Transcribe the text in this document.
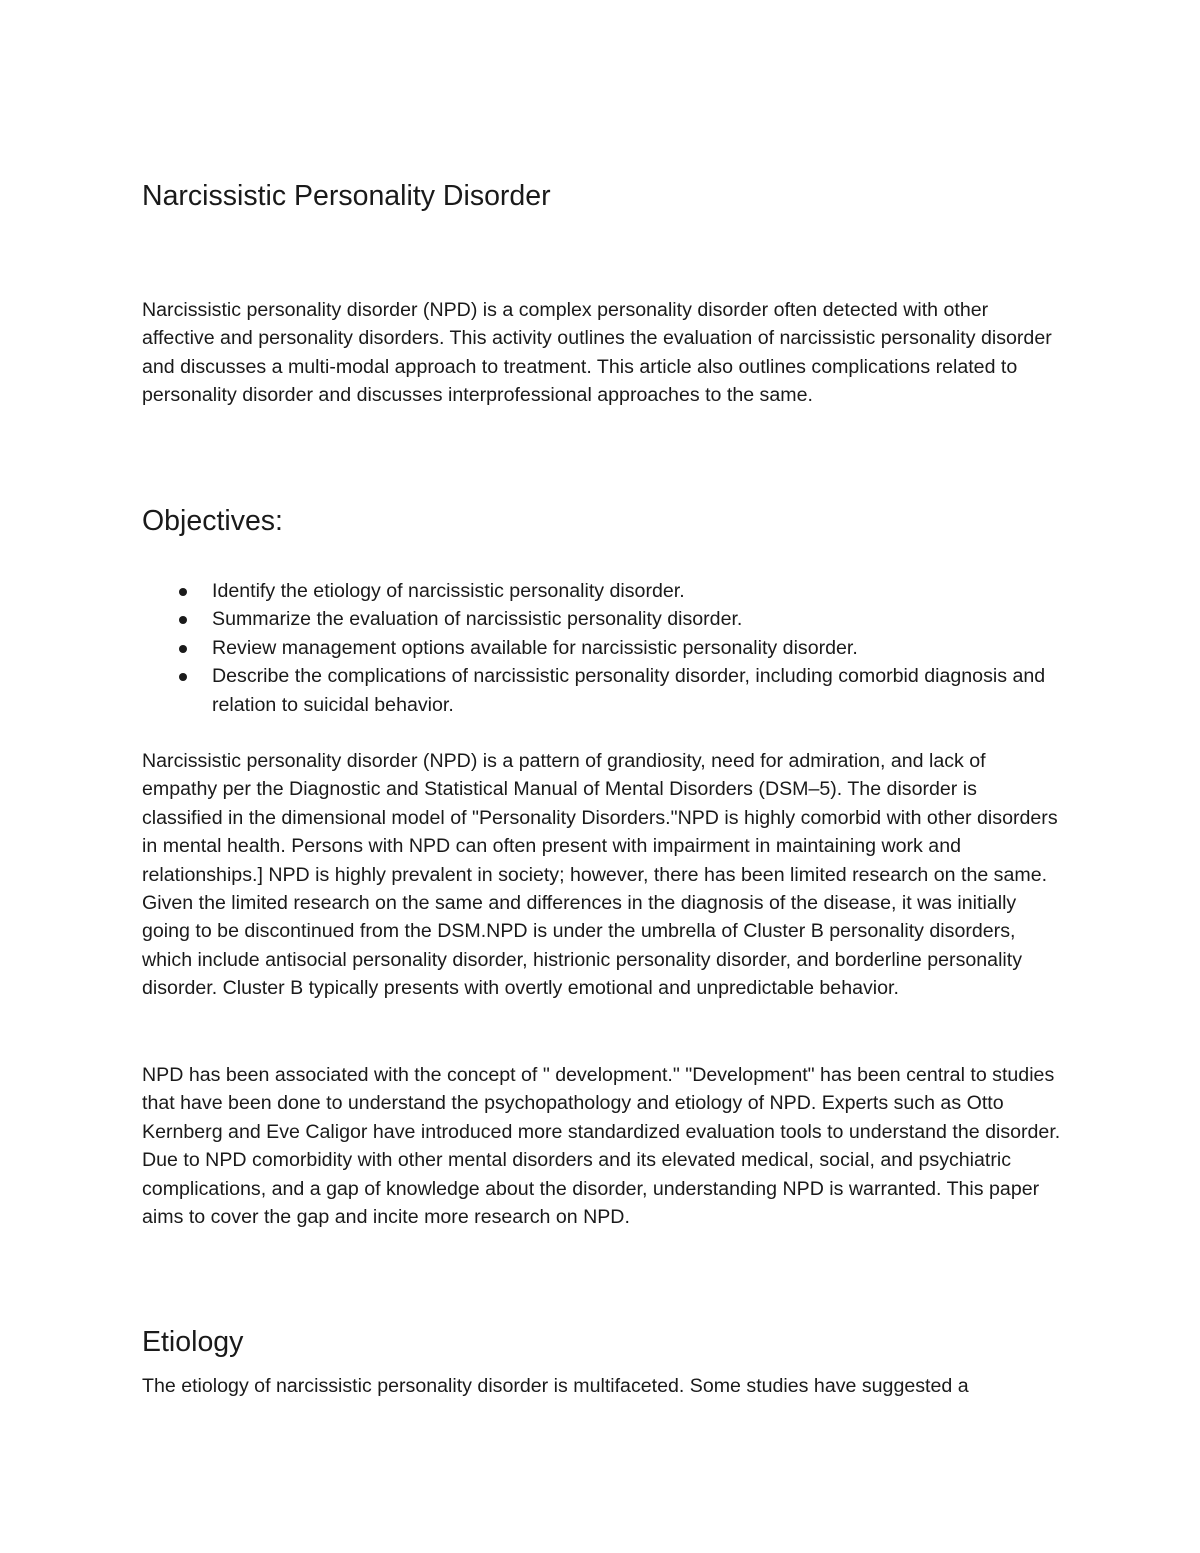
Narcissistic Personality Disorder

Narcissistic personality disorder (NPD) is a complex personality disorder often detected with other affective and personality disorders. This activity outlines the evaluation of narcissistic personality disorder and discusses a multi-modal approach to treatment. This article also outlines complications related to personality disorder and discusses interprofessional approaches to the same.

Objectives:
Identify the etiology of narcissistic personality disorder.
Summarize the evaluation of narcissistic personality disorder.
Review management options available for narcissistic personality disorder.
Describe the complications of narcissistic personality disorder, including comorbid diagnosis and relation to suicidal behavior.

Narcissistic personality disorder (NPD) is a pattern of grandiosity, need for admiration, and lack of empathy per the Diagnostic and Statistical Manual of Mental Disorders (DSM–5). The disorder is classified in the dimensional model of "Personality Disorders."NPD is highly comorbid with other disorders in mental health. Persons with NPD can often present with impairment in maintaining work and relationships.] NPD is highly prevalent in society; however, there has been limited research on the same. Given the limited research on the same and differences in the diagnosis of the disease, it was initially going to be discontinued from the DSM.NPD is under the umbrella of Cluster B personality disorders, which include antisocial personality disorder, histrionic personality disorder, and borderline personality disorder. Cluster B typically presents with overtly emotional and unpredictable behavior.

NPD has been associated with the concept of " development." "Development" has been central to studies that have been done to understand the psychopathology and etiology of NPD. Experts such as Otto Kernberg and Eve Caligor have introduced more standardized evaluation tools to understand the disorder. Due to NPD comorbidity with other mental disorders and its elevated medical, social, and psychiatric complications, and a gap of knowledge about the disorder, understanding NPD is warranted. This paper aims to cover the gap and incite more research on NPD.

Etiology

The etiology of narcissistic personality disorder is multifaceted. Some studies have suggested a
